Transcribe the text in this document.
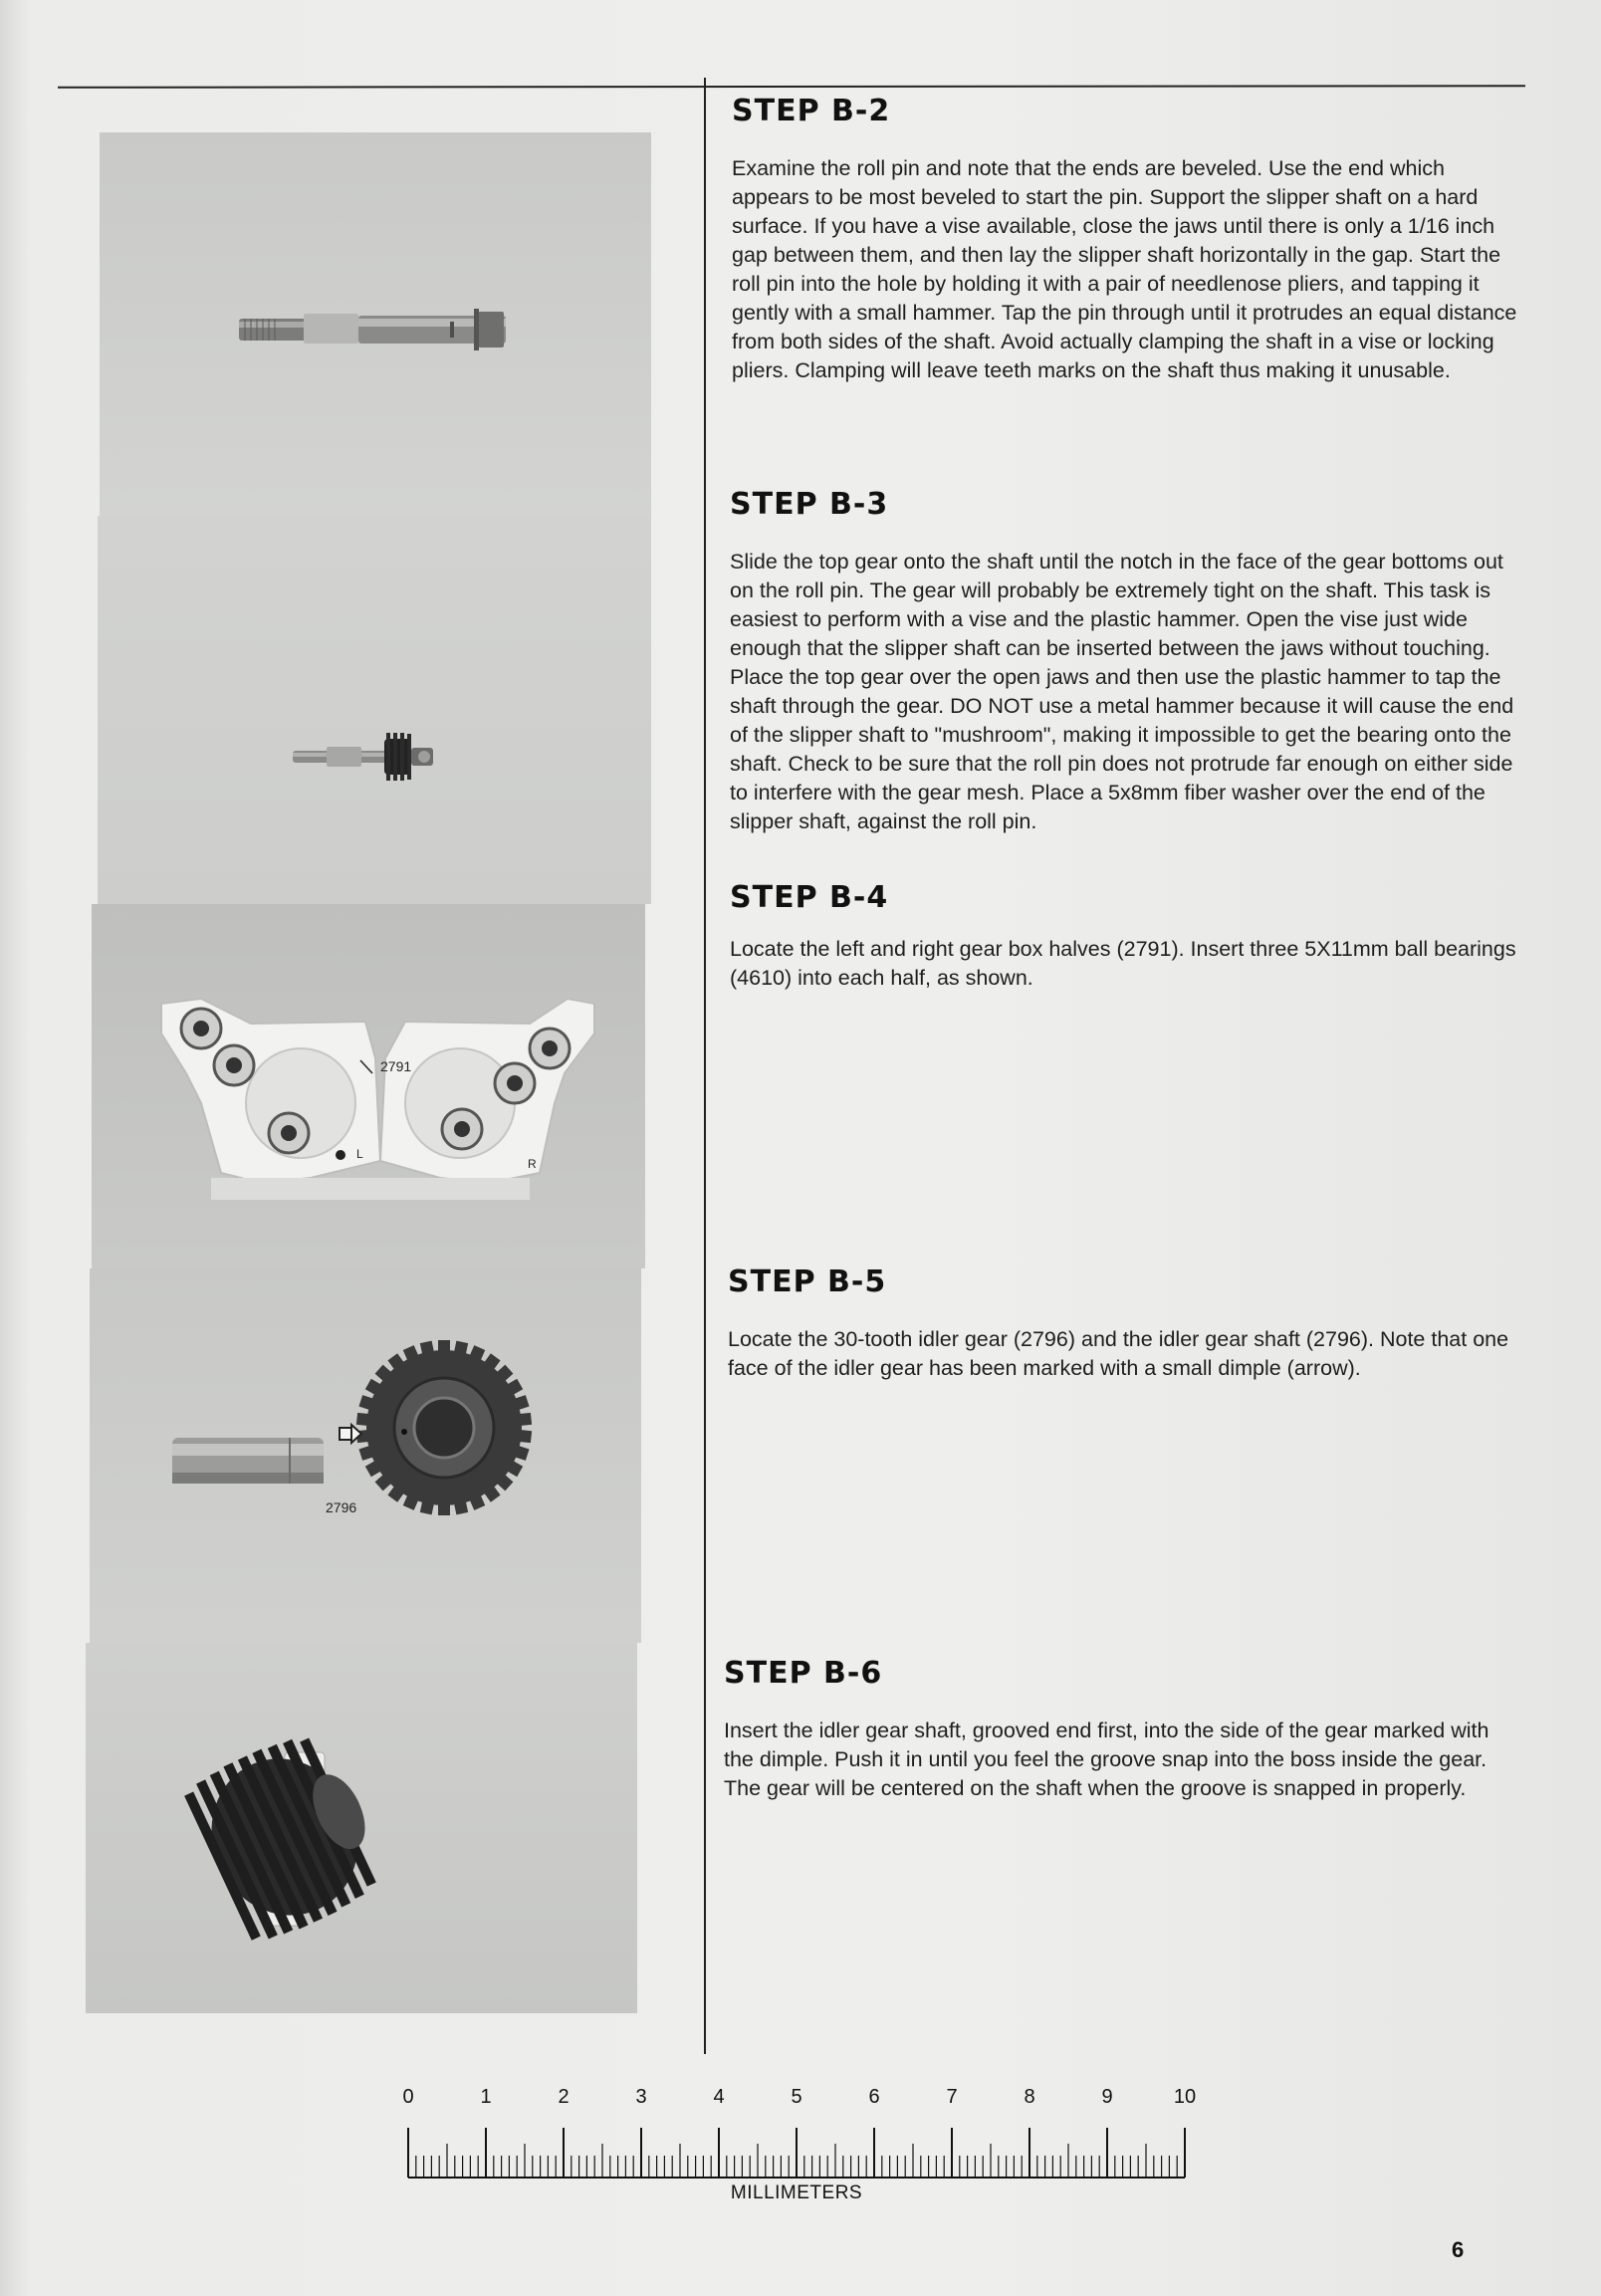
2791
L
R
2796
STEP B-2

Examine the roll pin and note that the ends are beveled. Use the end which appears to be most beveled to start the pin. Support the slipper shaft on a hard surface. If you have a vise available, close the jaws until there is only a 1/16 inch gap between them, and then lay the slipper shaft horizontally in the gap. Start the roll pin into the hole by holding it with a pair of needlenose pliers, and tapping it gently with a small hammer. Tap the pin through until it protrudes an equal distance from both sides of the shaft. Avoid actually clamping the shaft in a vise or locking pliers. Clamping will leave teeth marks on the shaft thus making it unusable.

STEP B-3

Slide the top gear onto the shaft until the notch in the face of the gear bottoms out on the roll pin. The gear will probably be extremely tight on the shaft. This task is easiest to perform with a vise and the plastic hammer. Open the vise just wide enough that the slipper shaft can be inserted between the jaws without touching. Place the top gear over the open jaws and then use the plastic hammer to tap the shaft through the gear. DO NOT use a metal hammer because it will cause the end of the slipper shaft to "mushroom", making it impossible to get the bearing onto the shaft. Check to be sure that the roll pin does not protrude far enough on either side to interfere with the gear mesh. Place a 5x8mm fiber washer over the end of the slipper shaft, against the roll pin.

STEP B-4

Locate the left and right gear box halves (2791). Insert three 5X11mm ball bearings (4610) into each half, as shown.

STEP B-5

Locate the 30-tooth idler gear (2796) and the idler gear shaft (2796). Note that one face of the idler gear has been marked with a small dimple (arrow).

STEP B-6

Insert the idler gear shaft, grooved end first, into the side of the gear marked with the dimple. Push it in until you feel the groove snap into the boss inside the gear. The gear will be centered on the shaft when the groove is snapped in properly.

0	1	2	3	4	5	6	7	8	9	10
MILLIMETERS
6
